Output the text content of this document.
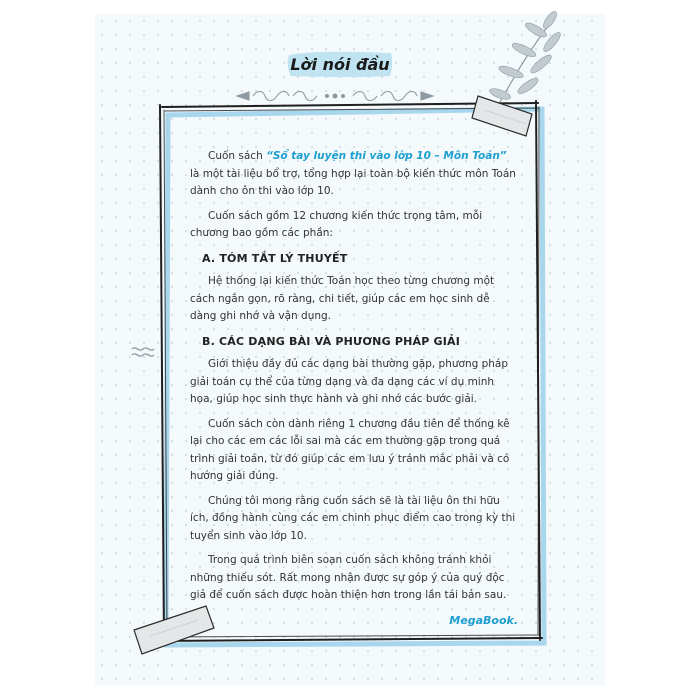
Lời nói đầu

Cuốn sách “Sổ tay luyện thi vào lớp 10 – Môn Toán” là một tài liệu bổ trợ, tổng hợp lại toàn bộ kiến thức môn Toán dành cho ôn thi vào lớp 10.

Cuốn sách gồm 12 chương kiến thức trọng tâm, mỗi chương bao gồm các phần:

A. TÓM TẮT LÝ THUYẾT

Hệ thống lại kiến thức Toán học theo từng chương một cách ngắn gọn, rõ ràng, chi tiết, giúp các em học sinh dễ dàng ghi nhớ và vận dụng.

B. CÁC DẠNG BÀI VÀ PHƯƠNG PHÁP GIẢI

Giới thiệu đầy đủ các dạng bài thường gặp, phương pháp giải toán cụ thể của từng dạng và đa dạng các ví dụ minh họa, giúp học sinh thực hành và ghi nhớ các bước giải.

Cuốn sách còn dành riêng 1 chương đầu tiên để thống kê lại cho các em các lỗi sai mà các em thường gặp trong quá trình giải toán, từ đó giúp các em lưu ý tránh mắc phải và có hướng giải đúng.

Chúng tôi mong rằng cuốn sách sẽ là tài liệu ôn thi hữu ích, đồng hành cùng các em chinh phục điểm cao trong kỳ thi tuyển sinh vào lớp 10.

Trong quá trình biên soạn cuốn sách không tránh khỏi những thiếu sót. Rất mong nhận được sự góp ý của quý độc giả để cuốn sách được hoàn thiện hơn trong lần tái bản sau.

MegaBook.
